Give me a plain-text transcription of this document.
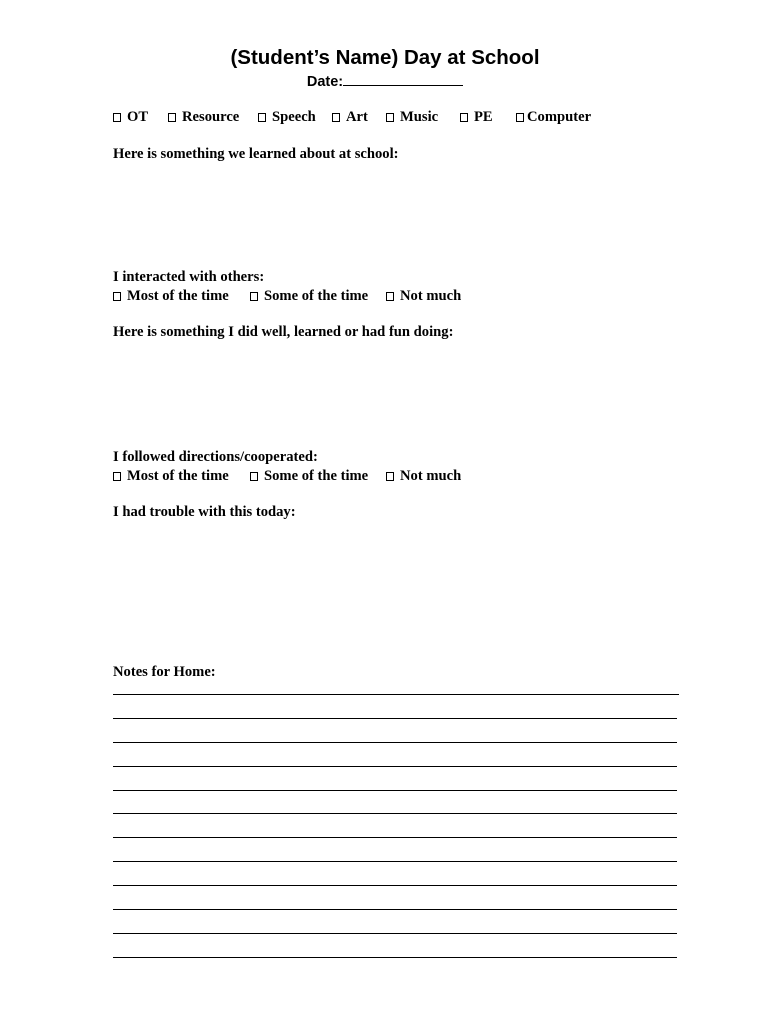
(Student’s Name) Day at School
Date:
OT	Resource	Speech	Art	Music	PE	Computer
Here is something we learned about at school:
I interacted with others:
Most of the time	Some of the time	Not much
Here is something I did well, learned or had fun doing:
I followed directions/cooperated:
Most of the time	Some of the time	Not much
I had trouble with this today:
Notes for Home:
